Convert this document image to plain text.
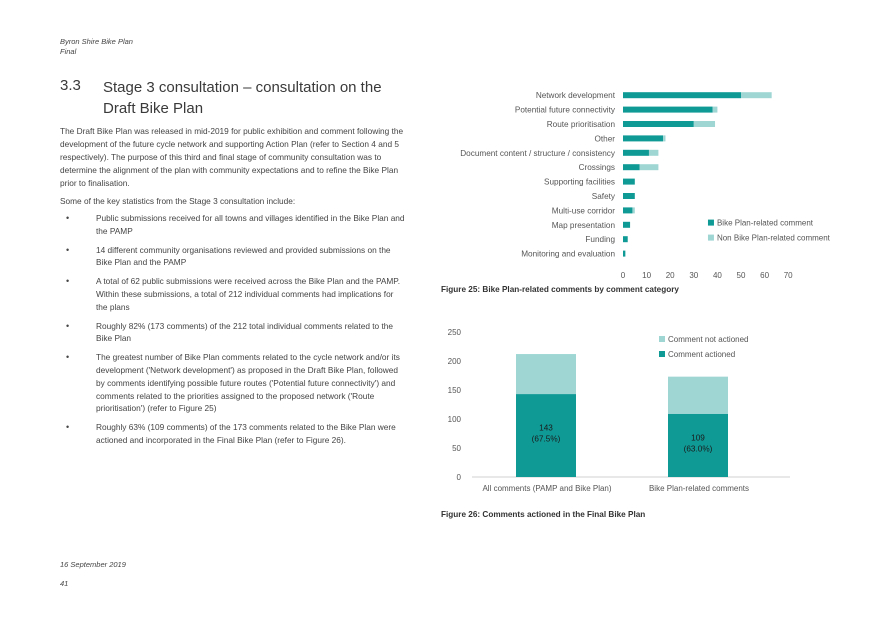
Byron Shire Bike Plan
Final
3.3 Stage 3 consultation – consultation on the Draft Bike Plan
The Draft Bike Plan was released in mid-2019 for public exhibition and comment following the development of the future cycle network and supporting Action Plan (refer to Section 4 and 5 respectively). The purpose of this third and final stage of community consultation was to determine the alignment of the plan with community expectations and to refine the Bike Plan prior to finalisation.
Some of the key statistics from the Stage 3 consultation include:
• Public submissions received for all towns and villages identified in the Bike Plan and the PAMP
• 14 different community organisations reviewed and provided submissions on the Bike Plan and the PAMP
• A total of 62 public submissions were received across the Bike Plan and the PAMP. Within these submissions, a total of 212 individual comments had implications for the plans
• Roughly 82% (173 comments) of the 212 total individual comments related to the Bike Plan
• The greatest number of Bike Plan comments related to the cycle network and/or its development ('Network development') as proposed in the Draft Bike Plan, followed by comments identifying possible future routes ('Potential future connectivity') and comments related to the priorities assigned to the proposed network ('Route prioritisation') (refer to Figure 25)
• Roughly 63% (109 comments) of the 173 comments related to the Bike Plan were actioned and incorporated in the Final Bike Plan (refer to Figure 26).
Network development
Potential future connectivity
Route prioritisation
Other
Document content / structure / consistency
Crossings
Supporting facilities
Safety
Multi-use corridor
Map presentation
Funding
Monitoring and evaluation
0 10 20 30 40 50 60 70
Bike Plan-related comment
Non Bike Plan-related comment
Figure 25: Bike Plan-related comments by comment category
0
50
100
150
200
250
143
(67.5%)
All comments (PAMP and Bike Plan)
109
(63.0%)
Bike Plan-related comments
Comment not actioned
Comment actioned
Figure 26: Comments actioned in the Final Bike Plan
16 September 2019
41
